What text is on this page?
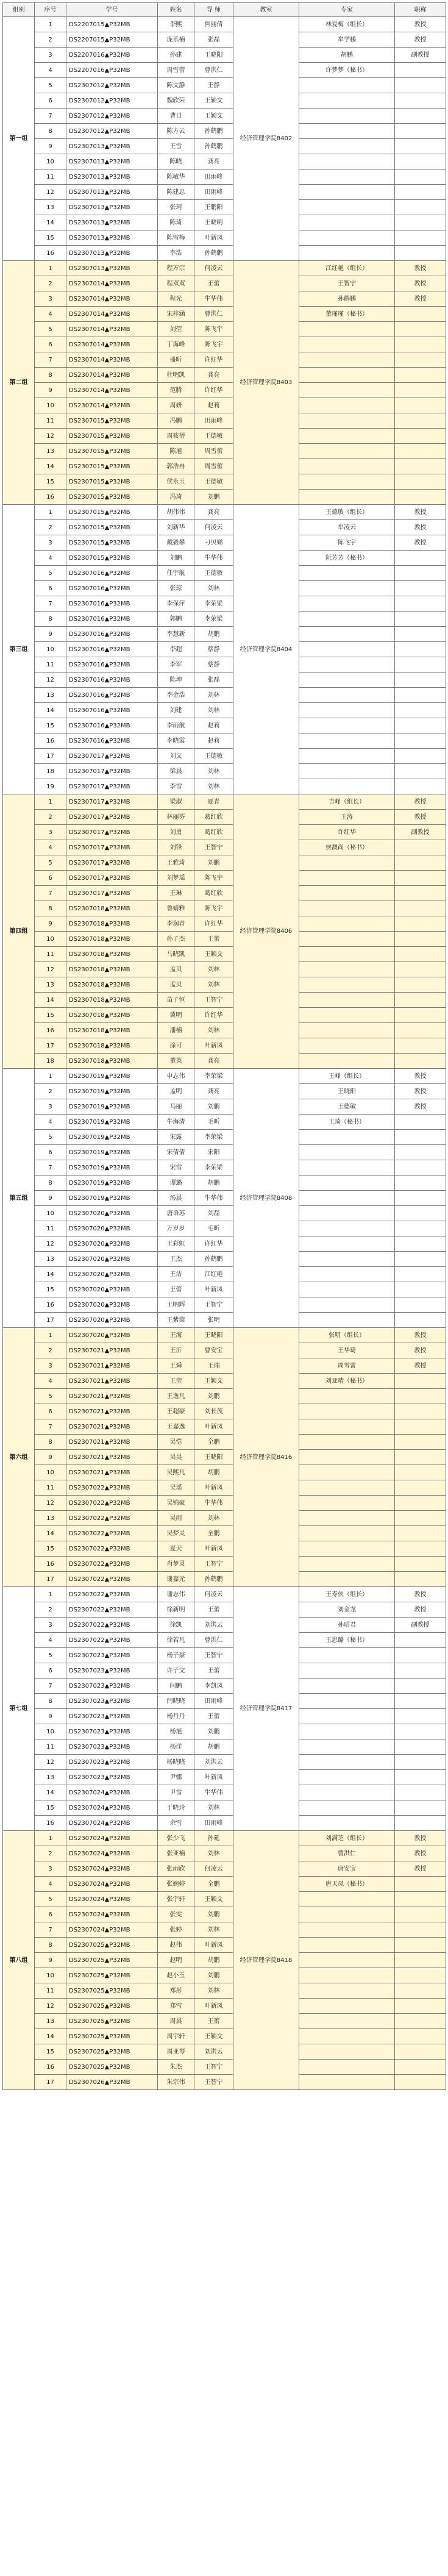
组别	序号	学号	姓名	导 师	教室	专家	职称
第一组	1	DS2207015▲P32MB	李熙	焦丽倩	经济管理学院8402	林爱梅（组长）	教授
	2	DS2207015▲P32MB	庞乐楠	张磊		牟学鹏	教授
	3	DS2207016▲P32MB	孙建	王晓阳		胡鹏	副教授
	4	DS2207016▲P32MB	周雪蕾	曹洪仁		许梦梦（秘书）	
	5	DS2307012▲P32MB	陈文静	王静			
	6	DS2307012▲P32MB	魏欣荣	王颖文			
	7	DS2307012▲P32MB	曹日	王颖文			
	8	DS2307012▲P32MB	陈方云	孙鹤鹏			
	9	DS2307013▲P32MB	王雪	孙鹤鹏			
	10	DS2307013▲P32MB	陈晓	龚亮			
	11	DS2307013▲P32MB	陈敏华	田雨峰			
	12	DS2307013▲P32MB	陈建忠	田雨峰			
	13	DS2307013▲P32MB	张珂	王鹏阳			
	14	DS2307013▲P32MB	陈琦	王晓明			
	15	DS2307013▲P32MB	陈雪梅	叶新凤			
	16	DS2307013▲P32MB	李浩	孙鹤鹏			
第二组	1	DS2307013▲P32MB	程万宗	何凌云	经济管理学院8403	江红艳（组长）	教授
	2	DS2307014▲P32MB	程双双	王蕾		王智宁	教授
	3	DS2307014▲P32MB	程光	牛华伟		孙鹤鹏	教授
	4	DS2307014▲P32MB	宋梓涵	曹洪仁		董瑾瑾（秘书）	
	5	DS2307014▲P32MB	刘莹	陈飞宇			
	6	DS2307014▲P32MB	丁海峰	陈飞宇			
	7	DS2307014▲P32MB	盛昕	许红华			
	8	DS2307014▲P32MB	杜明凯	龚亮			
	9	DS2307014▲P32MB	范腾	许红华			
	10	DS2307014▲P32MB	周妍	赵莉			
	11	DS2307015▲P32MB	冯鹏	田雨峰			
	12	DS2307015▲P32MB	周筱蓓	王德敏			
	13	DS2307015▲P32MB	陈旭	周雪蕾			
	14	DS2307015▲P32MB	郭浩冉	周雪蕾			
	15	DS2307015▲P32MB	侯永玉	王德敏			
	16	DS2307015▲P32MB	冯琦	刘鹏			
第三组	1	DS2307015▲P32MB	胡伟伟	龚亮	经济管理学院8404	王德敏（组长）	教授
	2	DS2307015▲P32MB	刘新华	何凌云		牟凌云	教授
	3	DS2307015▲P32MB	戴毅攀	刁贝娣		陈飞宇	教授
	4	DS2307015▲P32MB	刘鹏	牛华伟		阮芳芳（秘书）	
	5	DS2307016▲P32MB	任宇航	王德敏			
	6	DS2307016▲P32MB	张琼	刘林			
	7	DS2307016▲P32MB	李保萍	李荣梁			
	8	DS2307016▲P32MB	郭鹏	李荣梁			
	9	DS2307016▲P32MB	李慧新	胡鹏			
	10	DS2307016▲P32MB	李超	蔡静			
	11	DS2307016▲P32MB	李军	蔡静			
	12	DS2307016▲P32MB	陈坤	张磊			
	13	DS2307016▲P32MB	李金浩	刘林			
	14	DS2307016▲P32MB	刘建	刘林			
	15	DS2307016▲P32MB	李雨航	赵莉			
	16	DS2307016▲P32MB	李晓霞	赵莉			
	17	DS2307017▲P32MB	刘文	王德敏			
	18	DS2307017▲P32MB	梁晨	刘林			
	19	DS2307017▲P32MB	李雪	刘林			
第四组	1	DS2307017▲P32MB	梁淑	夏青	经济管理学院8406	吉峰（组长）	教授
	2	DS2307017▲P32MB	林丽芬	葛红欣		王涛	教授
	3	DS2307017▲P32MB	刘勇	葛红欣		许红华	副教授
	4	DS2307017▲P32MB	刘锋	王智宁		侯澳尚（秘书）	
	5	DS2307017▲P32MB	王雅琦	刘鹏			
	6	DS2307017▲P32MB	刘梦瑶	陈飞宇			
	7	DS2307017▲P32MB	王琳	葛红欣			
	8	DS2307018▲P32MB	鲁婧雅	陈飞宇			
	9	DS2307018▲P32MB	李润青	许红华			
	10	DS2307018▲P32MB	孙子杰	王蕾			
	11	DS2307018▲P32MB	马晓凯	王颖文			
	12	DS2307018▲P32MB	孟贝	刘林			
	13	DS2307018▲P32MB	孟贝	刘林			
	14	DS2307018▲P32MB	苗子恒	王智宁			
	15	DS2307018▲P32MB	冀明	许红华			
	16	DS2307018▲P32MB	潘楠	刘林			
	17	DS2307018▲P32MB	涂可	叶新凤			
	18	DS2307018▲P32MB	董英	龚亮			
第五组	1	DS2307019▲P32MB	申志伟	李荣梁	经济管理学院8408	王峰（组长）	教授
	2	DS2307019▲P32MB	孟明	龚亮		王晓阳	教授
	3	DS2307019▲P32MB	马丽	刘鹏		王德敏	教授
	4	DS2307019▲P32MB	牛海清	毛昕		王琦（秘书）	
	5	DS2307019▲P32MB	宋露	李荣梁			
	6	DS2307019▲P32MB	宋倩倩	宋阳			
	7	DS2307019▲P32MB	宋雪	李荣梁			
	8	DS2307019▲P32MB	谭璐	胡鹏			
	9	DS2307019▲P32MB	汤晨	牛华伟			
	10	DS2307020▲P32MB	唐语苏	刘磊			
	11	DS2307020▲P32MB	万岁岁	毛昕			
	12	DS2307020▲P32MB	王彩虹	许红华			
	13	DS2307020▲P32MB	王杰	孙鹤鹏			
	14	DS2307020▲P32MB	王洁	江红艳			
	15	DS2307020▲P32MB	王蕾	叶新凤			
	16	DS2307020▲P32MB	王明辉	王智宁			
	17	DS2307020▲P32MB	王紫茵	张明			
第六组	1	DS2307020▲P32MB	王海	王晓阳	经济管理学院8416	张明（组长）	教授
	2	DS2307021▲P32MB	王沂	曹安宝		王华琦	教授
	3	DS2307021▲P32MB	王舜	王瑞		周雪蕾	教授
	4	DS2307021▲P32MB	王莹	王颖文		刘亚晴（秘书）	
	5	DS2307021▲P32MB	王逸凡	刘鹏			
	6	DS2307021▲P32MB	王超豪	刘长茂			
	7	DS2307021▲P32MB	王嘉逸	叶新凤			
	8	DS2307021▲P32MB	吴恺	全鹏			
	9	DS2307021▲P32MB	吴昊	王晓阳			
	10	DS2307021▲P32MB	吴熙凡	胡鹏			
	11	DS2307022▲P32MB	吴瑶	叶新凤			
	12	DS2307022▲P32MB	吴锦豪	牛华伟			
	13	DS2307022▲P32MB	吴雨	刘林			
	14	DS2307022▲P32MB	吴梦灵	全鹏			
	15	DS2307022▲P32MB	夏天	叶新凤			
	16	DS2307022▲P32MB	肖梦灵	王智宁			
	17	DS2307022▲P32MB	谢嘉元	孙鹤鹏			
第七组	1	DS2307022▲P32MB	谢志伟	何凌云	经济管理学院8417	王寿侠（组长）	教授
	2	DS2307022▲P32MB	徐新明	王蕾		刘金龙	教授
	3	DS2307022▲P32MB	徐凯	刘洪云		孙昭君	副教授
	4	DS2307022▲P32MB	徐若凡	曹洪仁		王思璐（秘书）	
	5	DS2307023▲P32MB	杨子豪	王智宁			
	6	DS2307023▲P32MB	许子文	王蕾			
	7	DS2307023▲P32MB	闫鹏	李凯凤			
	8	DS2307023▲P32MB	闫晓晓	田雨峰			
	9	DS2307023▲P32MB	杨丹丹	王蕾			
	10	DS2307023▲P32MB	杨旭	刘鹏			
	11	DS2307023▲P32MB	杨洋	胡鹏			
	12	DS2307023▲P32MB	杨晓晓	刘洪云			
	13	DS2307023▲P32MB	尹娜	叶新凤			
	14	DS2307024▲P32MB	尹雪	牛华伟			
	15	DS2307024▲P32MB	于晓玲	刘林			
	16	DS2307024▲P32MB	余雪	田雨峰			
第八组	1	DS2307024▲P32MB	张少飞	孙延	经济管理学院8418	刘满芝（组长）	教授
	2	DS2307024▲P32MB	张亚楠	刘林		曹洪仁	教授
	3	DS2307024▲P32MB	张雨欣	何凌云		唐安宝	教授
	4	DS2307024▲P32MB	张婉婷	全鹏		唐天凤（秘书）	
	5	DS2307024▲P32MB	张宇轩	王颖文			
	6	DS2307024▲P32MB	张雯	刘鹏			
	7	DS2307024▲P32MB	张婷	刘林			
	8	DS2307025▲P32MB	赵伟	叶新凤			
	9	DS2307025▲P32MB	赵明	胡鹏			
	10	DS2307025▲P32MB	赵小玉	刘鹏			
	11	DS2307025▲P32MB	郑彤	刘林			
	12	DS2307025▲P32MB	郑雪	叶新凤			
	13	DS2307025▲P32MB	周晨	王蕾			
	14	DS2307025▲P32MB	周宇轩	王颖文			
	15	DS2307025▲P32MB	周亚琴	刘洪云			
	16	DS2307025▲P32MB	朱杰	王智宁			
	17	DS2307026▲P32MB	朱宗伟	王智宁			
